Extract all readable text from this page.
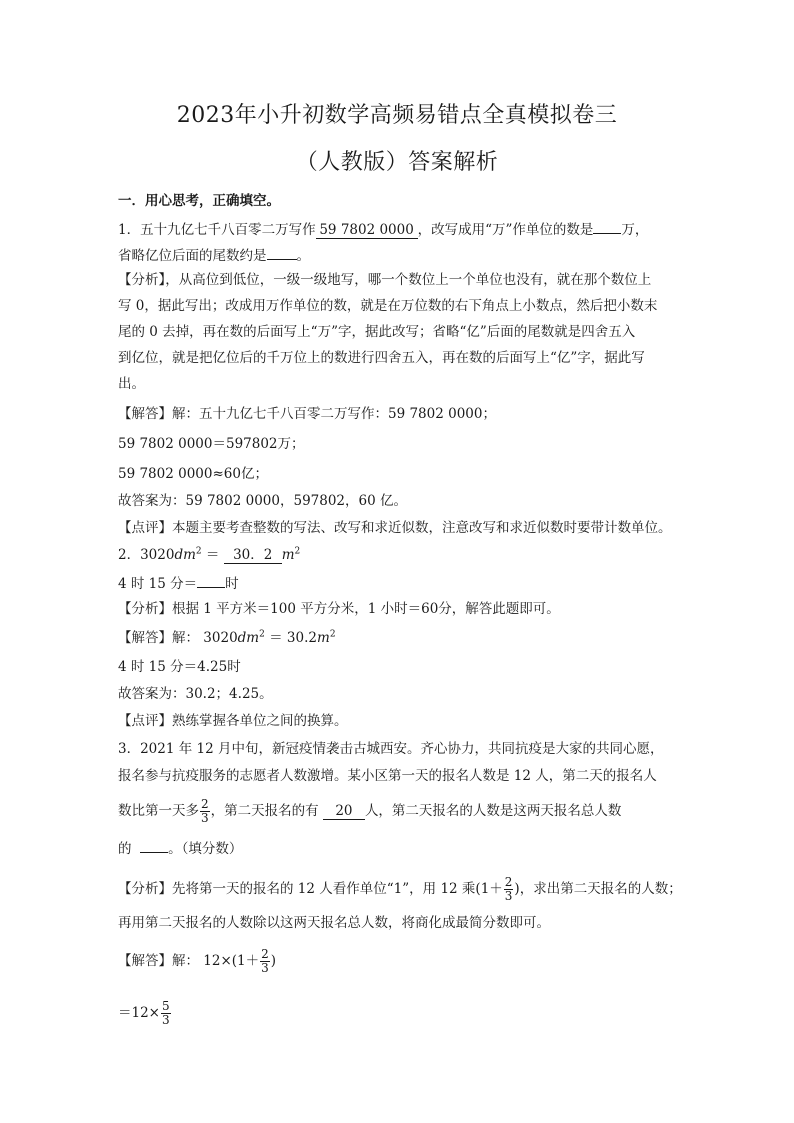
2023年小升初数学高频易错点全真模拟卷三
（人教版）答案解析
一．用心思考，正确填空。
1．五十九亿七千八百零二万写作 59 7802 0000 ，改写成用“万”作单位的数是 万，
省略亿位后面的尾数约是 。
【分析】，从高位到低位，一级一级地写，哪一个数位上一个单位也没有，就在那个数位上
写 0，据此写出；改成用万作单位的数，就是在万位数的右下角点上小数点，然后把小数末
尾的 0 去掉，再在数的后面写上“万”字，据此改写；省略“亿”后面的尾数就是四舍五入
到亿位，就是把亿位后的千万位上的数进行四舍五入，再在数的后面写上“亿”字，据此写
出。
【解答】解：五十九亿七千八百零二万写作：59 7802 0000；
59 7802 0000＝597802万；
59 7802 0000≈60亿；
故答案为：59 7802 0000，597802，60 亿。
【点评】本题主要考查整数的写法、改写和求近似数，注意改写和求近似数时要带计数单位。
2．$3020dm^2 = 30$．2 $m^2$
4 时 15 分＝ 时
【分析】根据 1 平方米＝100 平方分米，1 小时＝60分，解答此题即可。
【解答】解： $3020dm^2 = 30.2m^2$
4 时 15 分＝4.25时
故答案为：30.2；4.25。
【点评】熟练掌握各单位之间的换算。
3．2021 年 12 月中旬，新冠疫情袭击古城西安。齐心协力，共同抗疫是大家的共同心愿，
报名参与抗疫服务的志愿者人数激增。某小区第一天的报名人数是 12 人，第二天的报名人
数比第一天多 $\frac{2}{3}$ ，第二天报名的有 20 人，第二天报名的人数是这两天报名总人数
的	。（填分数）
【分析】先将第一天的报名的 12 人看作单位“1”，用 12 乘($1+ \frac{2}{3}$ )，求出第二天报名的人数；
再用第二天报名的人数除以这两天报名总人数，将商化成最简分数即可。
【解答】解： $12\times(1+ \frac{2}{3}$ )
$=12\times \frac{5}{3}$
